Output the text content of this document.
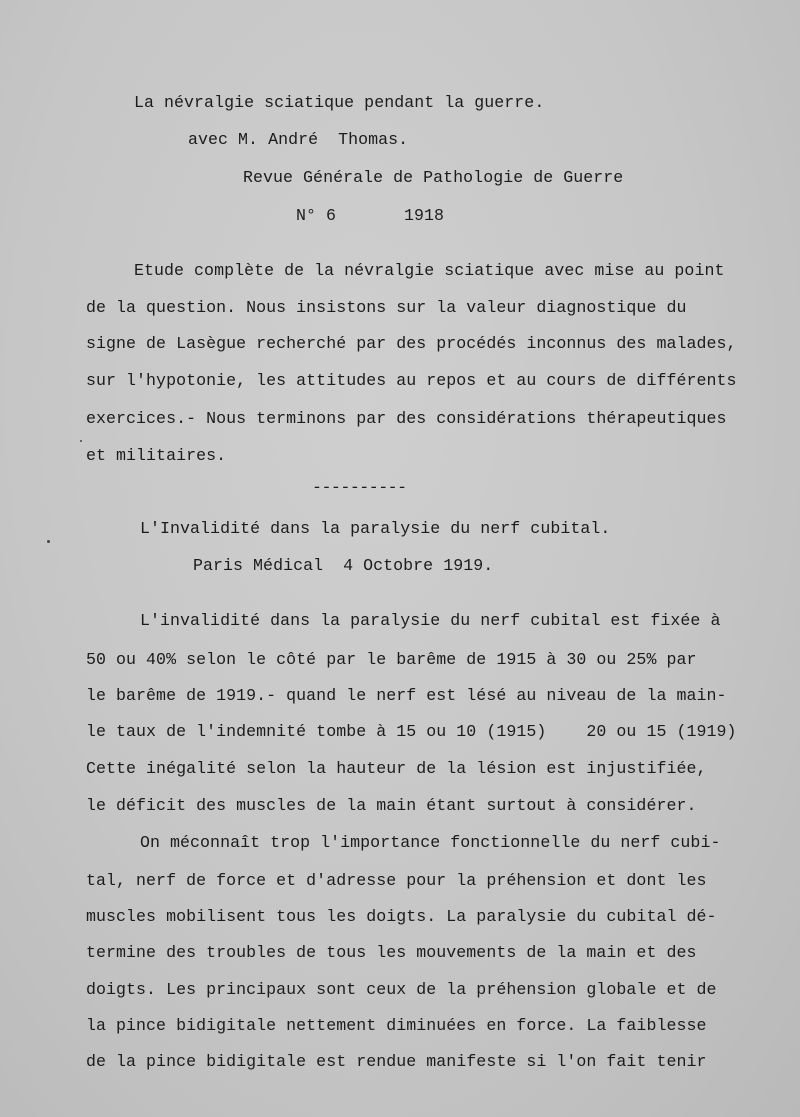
La névralgie sciatique pendant la guerre.
avec M. André  Thomas.
Revue Générale de Pathologie de Guerre
N° 6	1918
Etude complète de la névralgie sciatique avec mise au point
de la question. Nous insistons sur la valeur diagnostique du
signe de Lasègue recherché par des procédés inconnus des malades,
sur l'hypotonie, les attitudes au repos et au cours de différents
exercices.- Nous terminons par des considérations thérapeutiques
et militaires.
----------
L'Invalidité dans la paralysie du nerf cubital.
Paris Médical  4 Octobre 1919.
L'invalidité dans la paralysie du nerf cubital est fixée à
50 ou 40% selon le côté par le barême de 1915 à 30 ou 25% par
le barême de 1919.- quand le nerf est lésé au niveau de la main-
le taux de l'indemnité tombe à 15 ou 10 (1915)    20 ou 15 (1919)
Cette inégalité selon la hauteur de la lésion est injustifiée,
le déficit des muscles de la main étant surtout à considérer.
On méconnaît trop l'importance fonctionnelle du nerf cubi-
tal, nerf de force et d'adresse pour la préhension et dont les
muscles mobilisent tous les doigts. La paralysie du cubital dé-
termine des troubles de tous les mouvements de la main et des
doigts. Les principaux sont ceux de la préhension globale et de
la pince bidigitale nettement diminuées en force. La faiblesse
de la pince bidigitale est rendue manifeste si l'on fait tenir
